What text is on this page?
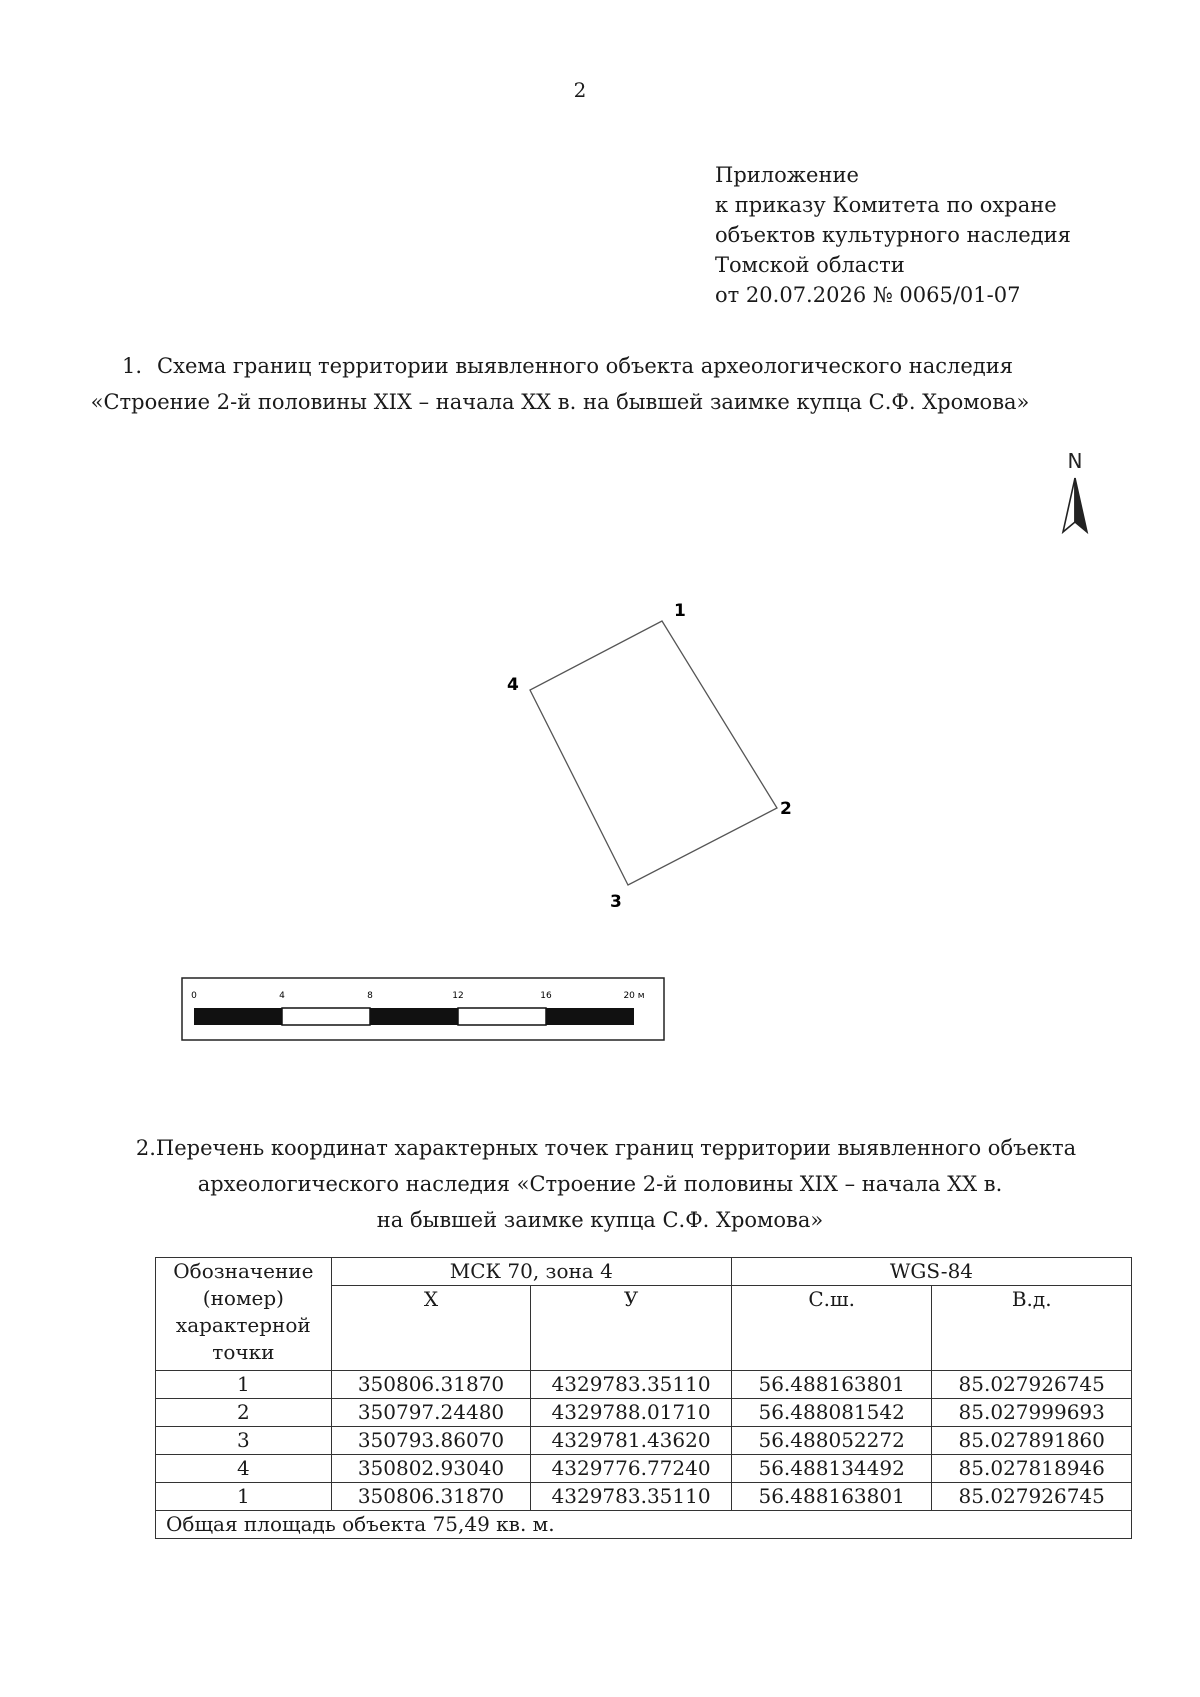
2
Приложение
к приказу Комитета по охране
объектов культурного наследия
Томской области
от 20.07.2026 № 0065/01-07
1. Схема границ территории выявленного объекта археологического наследия
«Строение 2-й половины XIX – начала XX в. на бывшей заимке купца С.Ф. Хромова»
N
1
2
3
4
0	4	8	12	16	20 м
2.Перечень координат характерных точек границ территории выявленного объекта
археологического наследия «Строение 2-й половины XIX – начала XX в.
на бывшей заимке купца С.Ф. Хромова»
Обозначение
(номер)
характерной
точки	МСК 70, зона 4		WGS-84	
	Х	У	С.ш.	В.д.
1	350806.31870	4329783.35110	56.488163801	85.027926745
2	350797.24480	4329788.01710	56.488081542	85.027999693
3	350793.86070	4329781.43620	56.488052272	85.027891860
4	350802.93040	4329776.77240	56.488134492	85.027818946
1	350806.31870	4329783.35110	56.488163801	85.027926745
Общая площадь объекта 75,49 кв. м.				
